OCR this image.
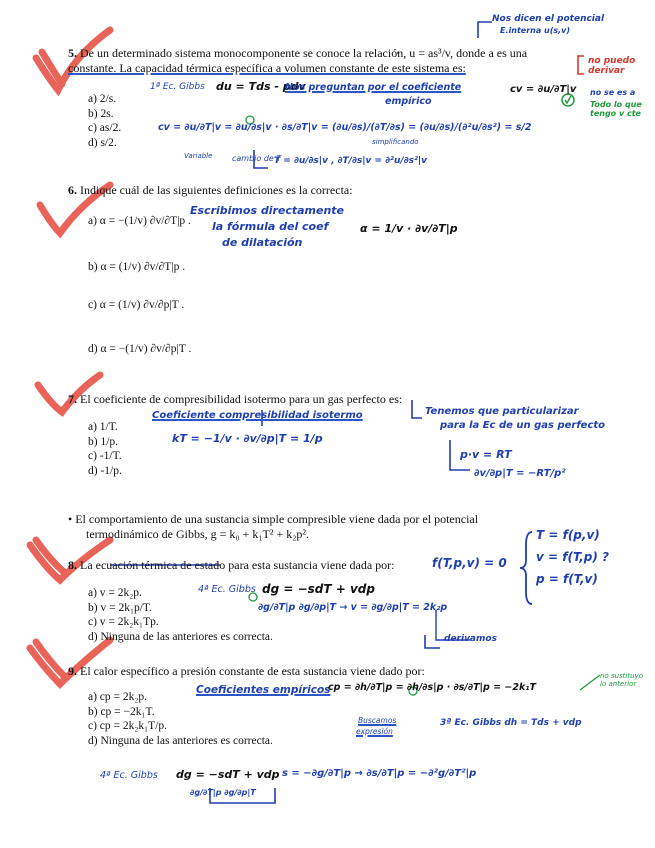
5. De un determinado sistema monocomponente se conoce la relación, u = as³/v, donde a es una
constante. La capacidad térmica específica a volumen constante de este sistema es:
a) 2/s.
b) 2s.
c) as/2.
d) s/2.
Nos dicen el potencial
E.interna u(s,v)
no puedo derivar
1ª Ec. Gibbs du = Tds - pdv
Nos preguntan por el coeficiente
empírico
cv = ∂u/∂T|v no se es a
Todo lo que tengo v cte
cv = ∂u/∂T|v = ∂u/∂s|v · ∂s/∂T|v = (∂u/∂s)/(∂T/∂s) = (∂u/∂s)/(∂²u/∂s²) = s/2
simplificando
Variable cambio de T
T = ∂u/∂s|v , ∂T/∂s|v = ∂²u/∂s²|v
6. Indique cuál de las siguientes definiciones es la correcta:
a) α = −(1/v) ∂v/∂T|p .
b) α = (1/v) ∂v/∂T|p .
c) α = (1/v) ∂v/∂p|T .
d) α = −(1/v) ∂v/∂p|T .
Escribimos directamente
la fórmula del coef
de dilatación
α = 1/v · ∂v/∂T|p
7. El coeficiente de compresibilidad isotermo para un gas perfecto es:
a) 1/T.
b) 1/p.
c) -1/T.
d) -1/p.
Coeficiente compresibilidad isotermo
kT = −1/v · ∂v/∂p|T = 1/p
Tenemos que particularizar
para la Ec de un gas perfecto
p·v = RT
∂v/∂p|T = −RT/p²
• El comportamiento de una sustancia simple compresible viene dada por el potencial
termodinámico de Gibbs, g = k₀ + k₁T² + k₂p².
8. La ecuación térmica de estado para esta sustancia viene dada por:
a) v = 2k₂p.
b) v = 2k₁p/T.
c) v = 2k₂k₁Tp.
d) Ninguna de las anteriores es correcta.
f(T,p,v) = 0
T = f(p,v)
v = f(T,p) ?
p = f(T,v)
4ª Ec. Gibbs dg = −sdT + vdp
∂g/∂T|p ∂g/∂p|T → v = ∂g/∂p|T = 2k₂p
derivamos
9. El calor específico a presión constante de esta sustancia viene dado por:
a) cp = 2k₂p.
b) cp = −2k₁T.
c) cp = 2k₂k₁T/p.
d) Ninguna de las anteriores es correcta.
Coeficientes empíricos
cp = ∂h/∂T|p = ∂h/∂s|p · ∂s/∂T|p = −2k₁T
Buscamos
expresión
3ª Ec. Gibbs dh = Tds + vdp
no sustituyo lo anterior
4ª Ec. Gibbs dg = −sdT + vdp s = −∂g/∂T|p → ∂s/∂T|p = −∂²g/∂T²|p
∂g/∂T|p ∂g/∂p|T
